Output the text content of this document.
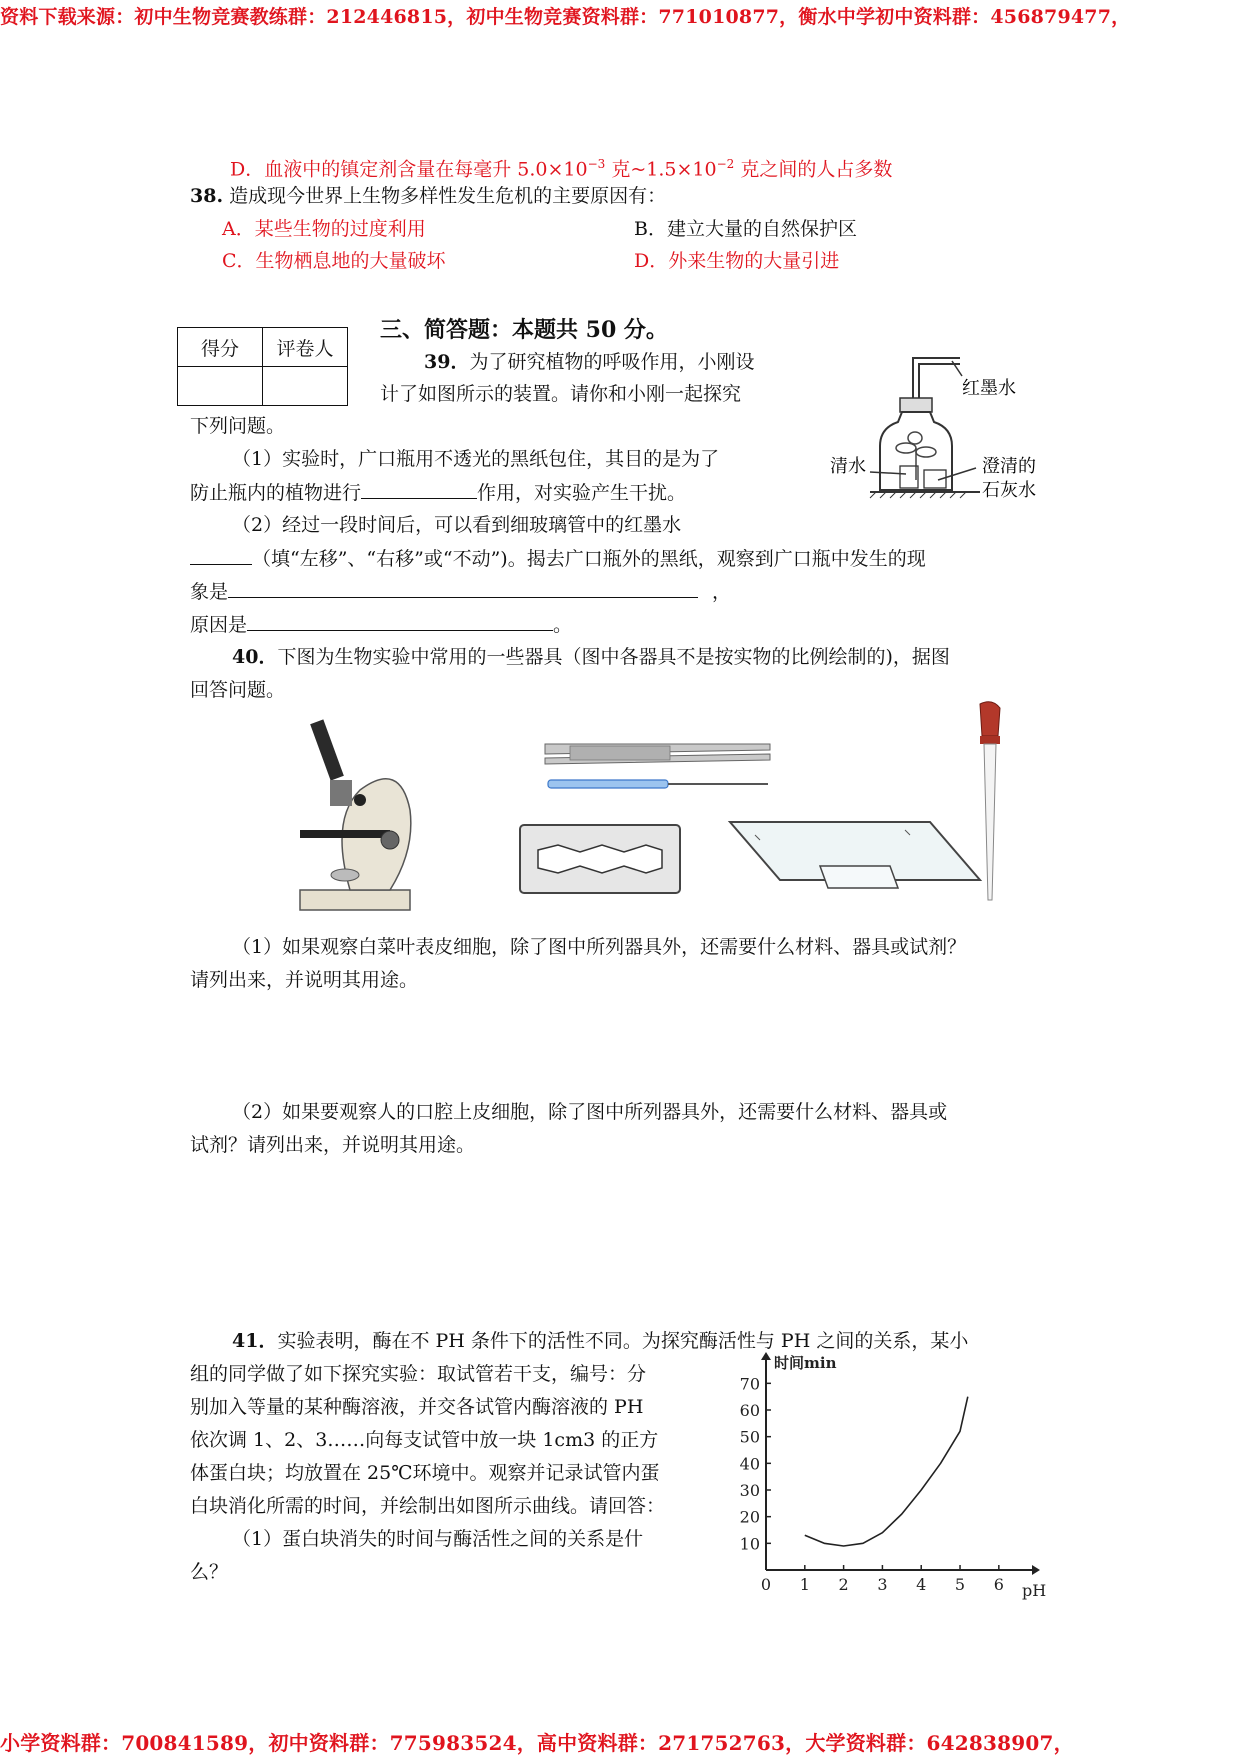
资料下载来源：初中生物竞赛教练群：212446815，初中生物竞赛资料群：771010877，衡水中学初中资料群：456879477，
D．血液中的镇定剂含量在每毫升 $5.0\times 10^{-3}$ 克$\sim 1.5\times 10^{-2}$ 克之间的人占多数
38. 造成现今世界上生物多样性发生危机的主要原因有：
A．某些生物的过度利用	B．建立大量的自然保护区
C．生物栖息地的大量破坏	D．外来生物的大量引进
得分	评卷人

三、简答题：本题共 50 分。
39．为了研究植物的呼吸作用，小刚设
计了如图所示的装置。请你和小刚一起探究
下列问题。
（1）实验时，广口瓶用不透光的黑纸包住，其目的是为了
防止瓶内的植物进行	作用，对实验产生干扰。
（2）经过一段时间后，可以看到细玻璃管中的红墨水
（填“左移”、“右移”或“不动”)。揭去广口瓶外的黑纸，观察到广口瓶中发生的现
象是	，
原因是	。
红墨水
清水	澄清的
石灰水
40．下图为生物实验中常用的一些器具（图中各器具不是按实物的比例绘制的)，据图
回答问题。
（1）如果观察白菜叶表皮细胞，除了图中所列器具外，还需要什么材料、器具或试剂？
请列出来，并说明其用途。
（2）如果要观察人的口腔上皮细胞，除了图中所列器具外，还需要什么材料、器具或
试剂？请列出来，并说明其用途。
41．实验表明，酶在不 PH 条件下的活性不同。为探究酶活性与 PH 之间的关系，某小
组的同学做了如下探究实验：取试管若干支，编号：分
别加入等量的某种酶溶液，并交各试管内酶溶液的 PH
依次调 1、2、3……向每支试管中放一块 1cm3 的正方
体蛋白块；均放置在 25℃环境中。观察并记录试管内蛋
白块消化所需的时间，并绘制出如图所示曲线。请回答：
（1）蛋白块消失的时间与酶活性之间的关系是什
么？
0 1 2 3 4 5 6
10
20
30
40
50
60
70
时间min
pH
小学资料群：700841589，初中资料群：775983524，高中资料群：271752763，大学资料群：642838907，
